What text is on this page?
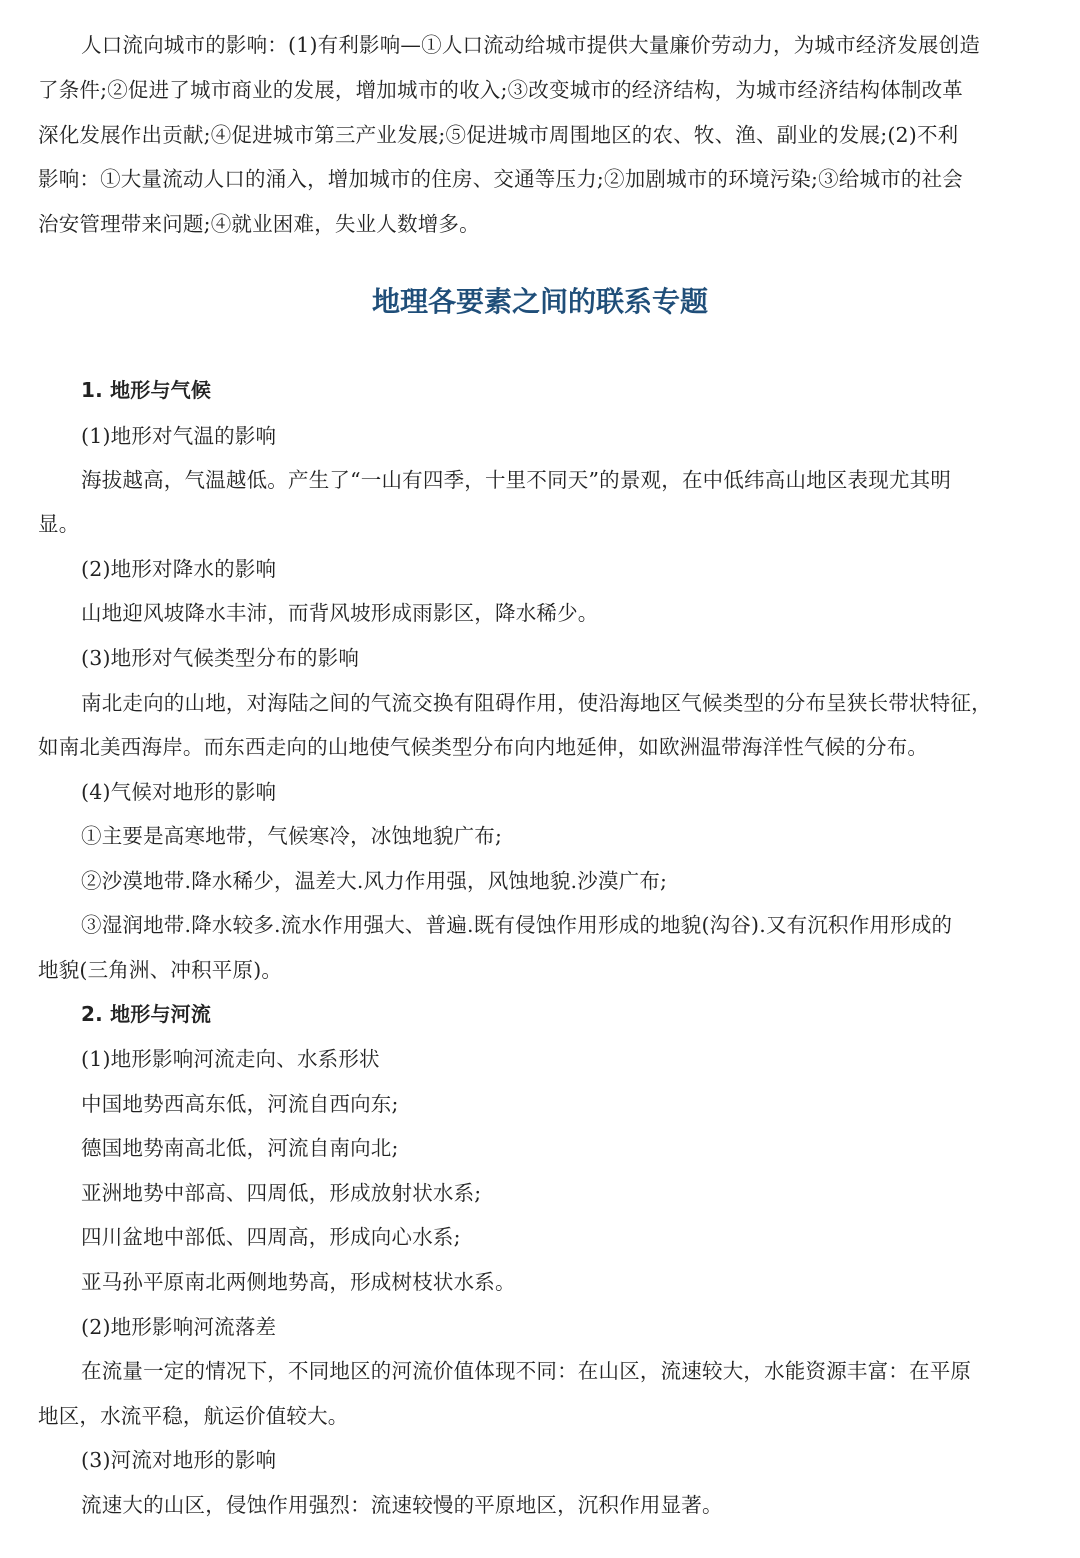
人口流向城市的影响：(1)有利影响—①人口流动给城市提供大量廉价劳动力，为城市经济发展创造
了条件;②促进了城市商业的发展，增加城市的收入;③改变城市的经济结构，为城市经济结构体制改革
深化发展作出贡献;④促进城市第三产业发展;⑤促进城市周围地区的农、牧、渔、副业的发展;(2)不利
影响：①大量流动人口的涌入，增加城市的住房、交通等压力;②加剧城市的环境污染;③给城市的社会
治安管理带来问题;④就业困难，失业人数增多。
地理各要素之间的联系专题
1. 地形与气候
(1)地形对气温的影响
海拔越高，气温越低。产生了“一山有四季，十里不同天”的景观，在中低纬高山地区表现尤其明
显。
(2)地形对降水的影响
山地迎风坡降水丰沛，而背风坡形成雨影区，降水稀少。
(3)地形对气候类型分布的影响
南北走向的山地，对海陆之间的气流交换有阻碍作用，使沿海地区气候类型的分布呈狭长带状特征，
如南北美西海岸。而东西走向的山地使气候类型分布向内地延伸，如欧洲温带海洋性气候的分布。
(4)气候对地形的影响
①主要是高寒地带，气候寒冷，冰蚀地貌广布;
②沙漠地带.降水稀少，温差大.风力作用强，风蚀地貌.沙漠广布;
③湿润地带.降水较多.流水作用强大、普遍.既有侵蚀作用形成的地貌(沟谷).又有沉积作用形成的
地貌(三角洲、冲积平原)。
2. 地形与河流
(1)地形影响河流走向、水系形状
中国地势西高东低，河流自西向东;
德国地势南高北低，河流自南向北;
亚洲地势中部高、四周低，形成放射状水系;
四川盆地中部低、四周高，形成向心水系;
亚马孙平原南北两侧地势高，形成树枝状水系。
(2)地形影响河流落差
在流量一定的情况下，不同地区的河流价值体现不同：在山区，流速较大，水能资源丰富：在平原
地区，水流平稳，航运价值较大。
(3)河流对地形的影响
流速大的山区，侵蚀作用强烈：流速较慢的平原地区，沉积作用显著。
